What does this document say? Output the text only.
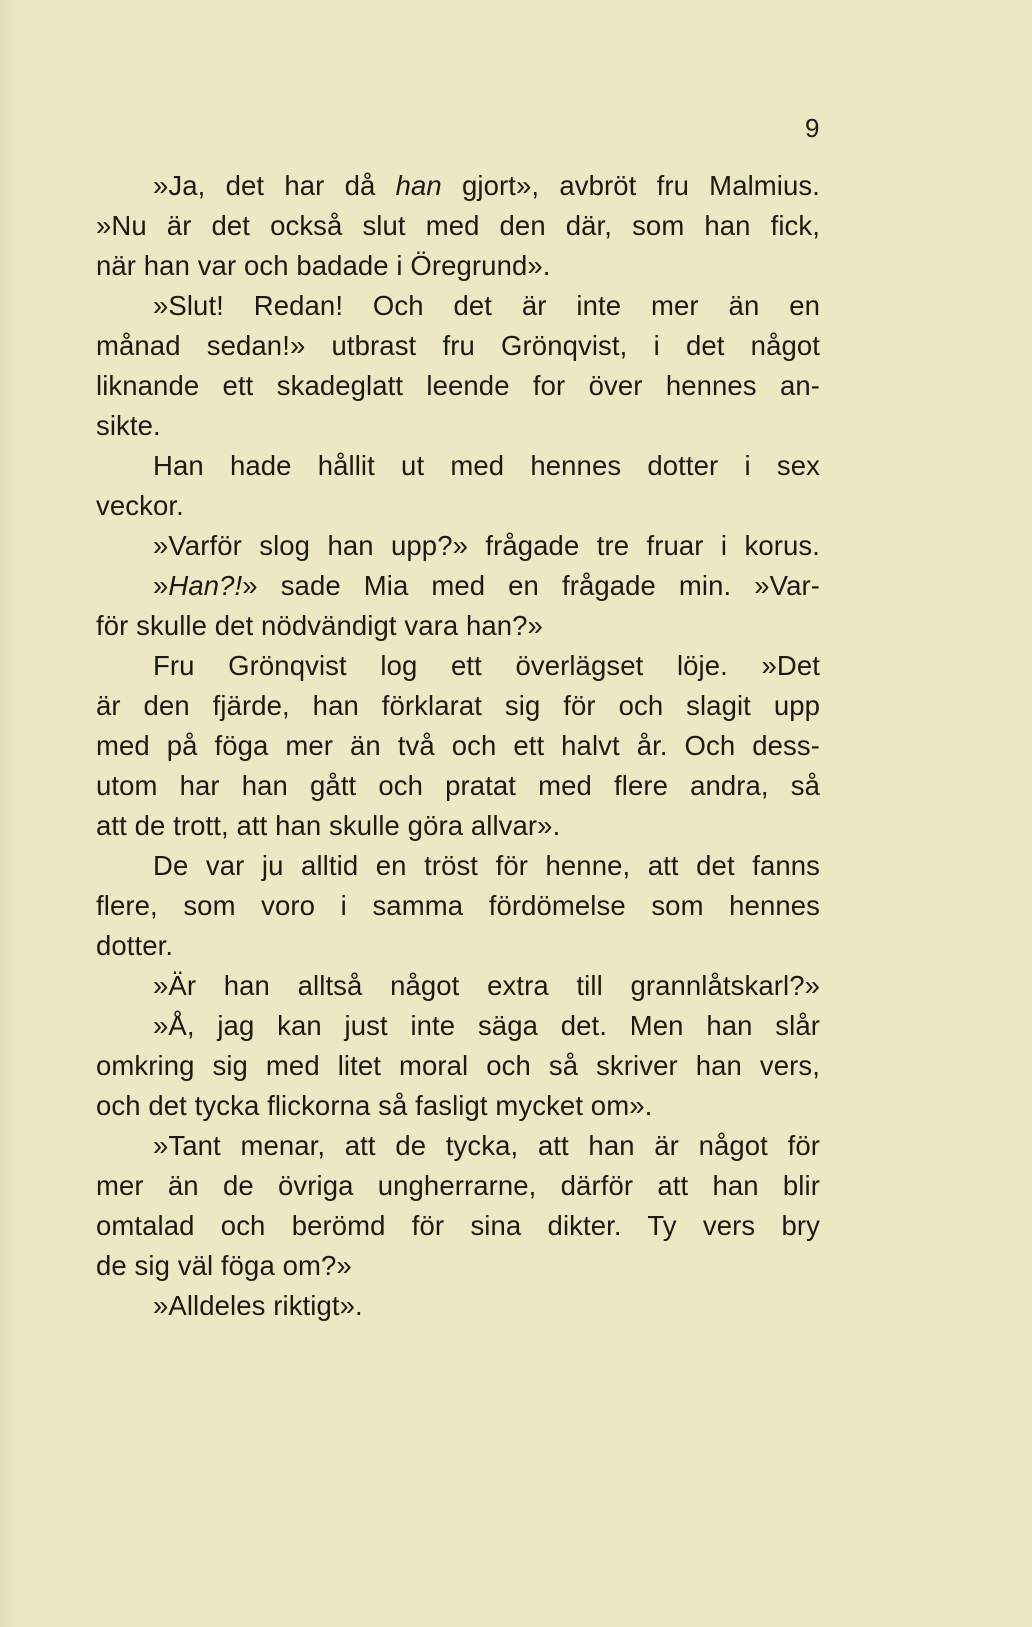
9

»Ja, det har då han gjort», avbröt fru Malmius.
»Nu är det också slut med den där, som han fick,
när han var och badade i Öregrund».
»Slut! Redan! Och det är inte mer än en
månad sedan!» utbrast fru Grönqvist, i det något
liknande ett skadeglatt leende for över hennes an-
sikte.
Han hade hållit ut med hennes dotter i sex
veckor.
»Varför slog han upp?» frågade tre fruar i korus.
»Han?!» sade Mia med en frågade min. »Var-
för skulle det nödvändigt vara han?»
Fru Grönqvist log ett överlägset löje. »Det
är den fjärde, han förklarat sig för och slagit upp
med på föga mer än två och ett halvt år. Och dess-
utom har han gått och pratat med flere andra, så
att de trott, att han skulle göra allvar».
De var ju alltid en tröst för henne, att det fanns
flere, som voro i samma fördömelse som hennes
dotter.
»Är han alltså något extra till grannlåtskarl?»
»Å, jag kan just inte säga det. Men han slår
omkring sig med litet moral och så skriver han vers,
och det tycka flickorna så fasligt mycket om».
»Tant menar, att de tycka, att han är något för
mer än de övriga ungherrarne, därför att han blir
omtalad och berömd för sina dikter. Ty vers bry
de sig väl föga om?»
»Alldeles riktigt».
